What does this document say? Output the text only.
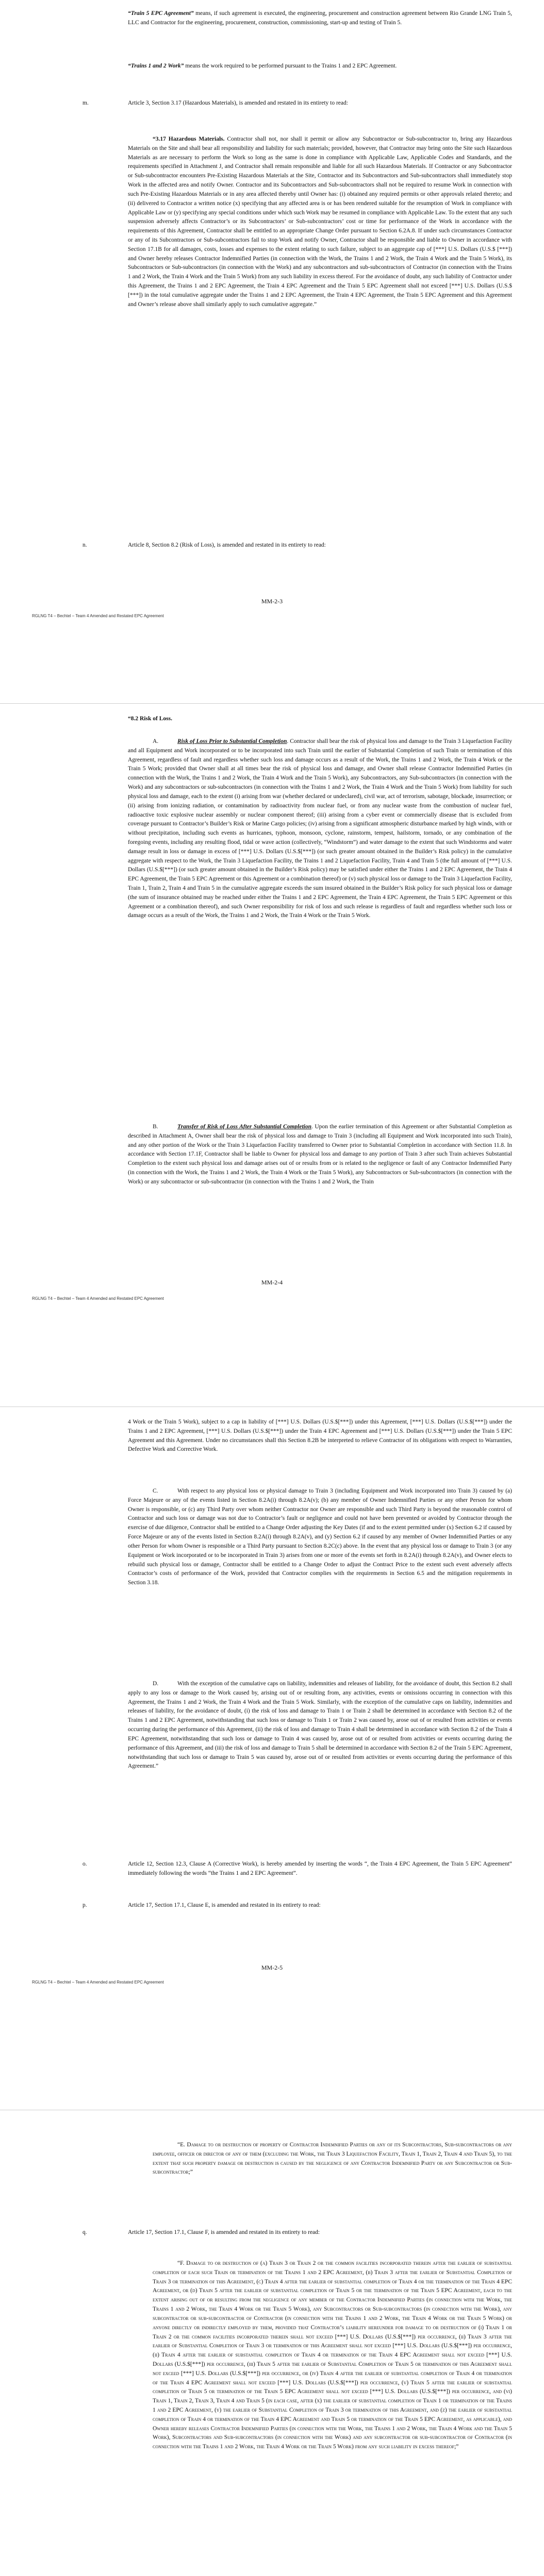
“Train 5 EPC Agreement” means, if such agreement is executed, the engineering, procurement and construction agreement between Rio Grande LNG Train 5, LLC and Contractor for the engineering, procurement, construction, commissioning, start-up and testing of Train 5.

“Trains 1 and 2 Work” means the work required to be performed pursuant to the Trains 1 and 2 EPC Agreement.

m.	Article 3, Section 3.17 (Hazardous Materials), is amended and restated in its entirety to read:

“3.17 Hazardous Materials. Contractor shall not, nor shall it permit or allow any Subcontractor or Sub-subcontractor to, bring any Hazardous Materials on the Site and shall bear all responsibility and liability for such materials; provided, however, that Contractor may bring onto the Site such Hazardous Materials as are necessary to perform the Work so long as the same is done in compliance with Applicable Law, Applicable Codes and Standards, and the requirements specified in Attachment J, and Contractor shall remain responsible and liable for all such Hazardous Materials. If Contractor or any Subcontractor or Sub-subcontractor encounters Pre-Existing Hazardous Materials at the Site, Contractor and its Subcontractors and Sub-subcontractors shall immediately stop Work in the affected area and notify Owner. Contractor and its Subcontractors and Sub-subcontractors shall not be required to resume Work in connection with such Pre-Existing Hazardous Materials or in any area affected thereby until Owner has: (i) obtained any required permits or other approvals related thereto; and (ii) delivered to Contractor a written notice (x) specifying that any affected area is or has been rendered suitable for the resumption of Work in compliance with Applicable Law or (y) specifying any special conditions under which such Work may be resumed in compliance with Applicable Law. To the extent that any such suspension adversely affects Contractor’s or its Subcontractors’ or Sub-subcontractors’ cost or time for performance of the Work in accordance with the requirements of this Agreement, Contractor shall be entitled to an appropriate Change Order pursuant to Section 6.2A.8. If under such circumstances Contractor or any of its Subcontractors or Sub-subcontractors fail to stop Work and notify Owner, Contractor shall be responsible and liable to Owner in accordance with Section 17.1B for all damages, costs, losses and expenses to the extent relating to such failure, subject to an aggregate cap of [***] U.S. Dollars (U.S.$ [***]) and Owner hereby releases Contractor Indemnified Parties (in connection with the Work, the Trains 1 and 2 Work, the Train 4 Work and the Train 5 Work), its Subcontractors or Sub-subcontractors (in connection with the Work) and any subcontractors and sub-subcontractors of Contractor (in connection with the Trains 1 and 2 Work, the Train 4 Work and the Train 5 Work) from any such liability in excess thereof. For the avoidance of doubt, any such liability of Contractor under this Agreement, the Trains 1 and 2 EPC Agreement, the Train 4 EPC Agreement and the Train 5 EPC Agreement shall not exceed [***] U.S. Dollars (U.S.$ [***]) in the total cumulative aggregate under the Trains 1 and 2 EPC Agreement, the Train 4 EPC Agreement, the Train 5 EPC Agreement and this Agreement and Owner’s release above shall similarly apply to such cumulative aggregate.”

n.	Article 8, Section 8.2 (Risk of Loss), is amended and restated in its entirety to read:

MM-2-3
RGLNG T4 – Bechtel – Team 4 Amended and Restated EPC Agreement

“8.2 Risk of Loss.

A.	Risk of Loss Prior to Substantial Completion. Contractor shall bear the risk of physical loss and damage to the Train 3 Liquefaction Facility and all Equipment and Work incorporated or to be incorporated into such Train until the earlier of Substantial Completion of such Train or termination of this Agreement, regardless of fault and regardless whether such loss and damage occurs as a result of the Work, the Trains 1 and 2 Work, the Train 4 Work or the Train 5 Work; provided that Owner shall at all times bear the risk of physical loss and damage, and Owner shall release Contractor Indemnified Parties (in connection with the Work, the Trains 1 and 2 Work, the Train 4 Work and the Train 5 Work), any Subcontractors, any Sub-subcontractors (in connection with the Work) and any subcontractors or sub-subcontractors (in connection with the Trains 1 and 2 Work, the Train 4 Work and the Train 5 Work) from liability for such physical loss and damage, each to the extent (i) arising from war (whether declared or undeclared), civil war, act of terrorism, sabotage, blockade, insurrection; or (ii) arising from ionizing radiation, or contamination by radioactivity from nuclear fuel, or from any nuclear waste from the combustion of nuclear fuel, radioactive toxic explosive nuclear assembly or nuclear component thereof; (iii) arising from a cyber event or commercially disease that is excluded from coverage pursuant to Contractor’s Builder’s Risk or Marine Cargo policies; (iv) arising from a significant atmospheric disturbance marked by high winds, with or without precipitation, including such events as hurricanes, typhoon, monsoon, cyclone, rainstorm, tempest, hailstorm, tornado, or any combination of the foregoing events, including any resulting flood, tidal or wave action (collectively, “Windstorm”) and water damage to the extent that such Windstorms and water damage result in loss or damage in excess of [***] U.S. Dollars (U.S.$[***]) (or such greater amount obtained in the Builder’s Risk policy) in the cumulative aggregate with respect to the Work, the Train 3 Liquefaction Facility, the Trains 1 and 2 Liquefaction Facility, Train 4 and Train 5 (the full amount of [***] U.S. Dollars (U.S.$[***]) (or such greater amount obtained in the Builder’s Risk policy) may be satisfied under either the Trains 1 and 2 EPC Agreement, the Train 4 EPC Agreement, the Train 5 EPC Agreement or this Agreement or a combination thereof) or (v) such physical loss or damage to the Train 3 Liquefaction Facility, Train 1, Train 2, Train 4 and Train 5 in the cumulative aggregate exceeds the sum insured obtained in the Builder’s Risk policy for such physical loss or damage (the sum of insurance obtained may be reached under either the Trains 1 and 2 EPC Agreement, the Train 4 EPC Agreement, the Train 5 EPC Agreement or this Agreement or a combination thereof), and such Owner responsibility for risk of loss and such release is regardless of fault and regardless whether such loss or damage occurs as a result of the Work, the Trains 1 and 2 Work, the Train 4 Work or the Train 5 Work.

B.	Transfer of Risk of Loss After Substantial Completion. Upon the earlier termination of this Agreement or after Substantial Completion as described in Attachment A, Owner shall bear the risk of physical loss and damage to Train 3 (including all Equipment and Work incorporated into such Train), and any other portion of the Work or the Train 3 Liquefaction Facility transferred to Owner prior to Substantial Completion in accordance with Section 11.8. In accordance with Section 17.1F, Contractor shall be liable to Owner for physical loss and damage to any portion of Train 3 after such Train achieves Substantial Completion to the extent such physical loss and damage arises out of or results from or is related to the negligence or fault of any Contractor Indemnified Party (in connection with the Work, the Trains 1 and 2 Work, the Train 4 Work or the Train 5 Work), any Subcontractors or Sub-subcontractors (in connection with the Work) or any subcontractor or sub-subcontractor (in connection with the Trains 1 and 2 Work, the Train

MM-2-4
RGLNG T4 – Bechtel – Team 4 Amended and Restated EPC Agreement

4 Work or the Train 5 Work), subject to a cap in liability of [***] U.S. Dollars (U.S.$[***]) under this Agreement, [***] U.S. Dollars (U.S.$[***]) under the Trains 1 and 2 EPC Agreement, [***] U.S. Dollars (U.S.$[***]) under the Train 4 EPC Agreement and [***] U.S. Dollars (U.S.$[***]) under the Train 5 EPC Agreement and this Agreement. Under no circumstances shall this Section 8.2B be interpreted to relieve Contractor of its obligations with respect to Warranties, Defective Work and Corrective Work.

C.	With respect to any physical loss or physical damage to Train 3 (including Equipment and Work incorporated into Train 3) caused by (a) Force Majeure or any of the events listed in Section 8.2A(i) through 8.2A(v); (b) any member of Owner Indemnified Parties or any other Person for whom Owner is responsible, or (c) any Third Party over whom neither Contractor nor Owner are responsible and such Third Party is beyond the reasonable control of Contractor and such loss or damage was not due to Contractor’s fault or negligence and could not have been prevented or avoided by Contractor through the exercise of due diligence, Contractor shall be entitled to a Change Order adjusting the Key Dates (if and to the extent permitted under (x) Section 6.2 if caused by Force Majeure or any of the events listed in Section 8.2A(i) through 8.2A(v), and (y) Section 6.2 if caused by any member of Owner Indemnified Parties or any other Person for whom Owner is responsible or a Third Party pursuant to Section 8.2C(c) above. In the event that any physical loss or damage to Train 3 (or any Equipment or Work incorporated or to be incorporated in Train 3) arises from one or more of the events set forth in 8.2A(i) through 8.2A(v), and Owner elects to rebuild such physical loss or damage, Contractor shall be entitled to a Change Order to adjust the Contract Price to the extent such event adversely affects Contractor’s costs of performance of the Work, provided that Contractor complies with the requirements in Section 6.5 and the mitigation requirements in Section 3.18.

D.	With the exception of the cumulative caps on liability, indemnities and releases of liability, for the avoidance of doubt, this Section 8.2 shall apply to any loss or damage to the Work caused by, arising out of or resulting from, any activities, events or omissions occurring in connection with this Agreement, the Trains 1 and 2 Work, the Train 4 Work and the Train 5 Work. Similarly, with the exception of the cumulative caps on liability, indemnities and releases of liability, for the avoidance of doubt, (i) the risk of loss and damage to Train 1 or Train 2 shall be determined in accordance with Section 8.2 of the Trains 1 and 2 EPC Agreement, notwithstanding that such loss or damage to Train 1 or Train 2 was caused by, arose out of or resulted from activities or events occurring during the performance of this Agreement, (ii) the risk of loss and damage to Train 4 shall be determined in accordance with Section 8.2 of the Train 4 EPC Agreement, notwithstanding that such loss or damage to Train 4 was caused by, arose out of or resulted from activities or events occurring during the performance of this Agreement, and (iii) the risk of loss and damage to Train 5 shall be determined in accordance with Section 8.2 of the Train 5 EPC Agreement, notwithstanding that such loss or damage to Train 5 was caused by, arose out of or resulted from activities or events occurring during the performance of this Agreement.”

o.	Article 12, Section 12.3, Clause A (Corrective Work), is hereby amended by inserting the words “, the Train 4 EPC Agreement, the Train 5 EPC Agreement” immediately following the words “the Trains 1 and 2 EPC Agreement”.

p.	Article 17, Section 17.1, Clause E, is amended and restated in its entirety to read:

MM-2-5
RGLNG T4 – Bechtel – Team 4 Amended and Restated EPC Agreement

“E. Damage to or destruction of property of Contractor Indemnified Parties or any of its Subcontractors, Sub-subcontractors or any employee, officer or director of any of them (excluding the Work, the Train 3 Liquefaction Facility, Train 1, Train 2, Train 4 and Train 5), to the extent that such property damage or destruction is caused by the negligence of any Contractor Indemnified Party or any Subcontractor or Sub-subcontractor;”

q.	Article 17, Section 17.1, Clause F, is amended and restated in its entirety to read:

“F. Damage to or destruction of (a) Train 3 or Train 2 or the common facilities incorporated therein after the earlier of substantial completion of each such Train or termination of the Trains 1 and 2 EPC Agreement, (b) Train 3 after the earlier of Substantial Completion of Train 3 or termination of this Agreement, (c) Train 4 after the earlier of substantial completion of Train 4 or the termination of the Train 4 EPC Agreement, or (d) Train 5 after the earlier of substantial completion of Train 5 or the termination of the Train 5 EPC Agreement, each to the extent arising out of or resulting from the negligence of any member of the Contractor Indemnified Parties (in connection with the Work, the Trains 1 and 2 Work, the Train 4 Work or the Train 5 Work), any Subcontractors or Sub-subcontractors (in connection with the Work), any subcontractor or sub-subcontractor of Contractor (in connection with the Trains 1 and 2 Work, the Train 4 Work or the Train 5 Work) or anyone directly or indirectly employed by them, provided that Contractor’s liability hereunder for damage to or destruction of (i) Train 1 or Train 2 or the common facilities incorporated therein shall not exceed [***] U.S. Dollars (U.S.$[***]) per occurrence, (ii) Train 3 after the earlier of Substantial Completion of Train 3 or termination of this Agreement shall not exceed [***] U.S. Dollars (U.S.$[***]) per occurrence, (ii) Train 4 after the earlier of substantial completion of Train 4 or termination of the Train 4 EPC Agreement shall not exceed [***] U.S. Dollars (U.S.$[***]) per occurrence, (iii) Train 5 after the earlier of Substantial Completion of Train 5 or termination of this Agreement shall not exceed [***] U.S. Dollars (U.S.$[***]) per occurrence, or (iv) Train 4 after the earlier of substantial completion of Train 4 or termination of the Train 4 EPC Agreement shall not exceed [***] U.S. Dollars (U.S.$[***]) per occurrence, (v) Train 5 after the earlier of substantial completion of Train 5 or termination of the Train 5 EPC Agreement shall not exceed [***] U.S. Dollars (U.S.$[***]) per occurrence, and (vi) Train 1, Train 2, Train 3, Train 4 and Train 5 (in each case, after (x) the earlier of substantial completion of Train 1 or termination of the Trains 1 and 2 EPC Agreement, (y) the earlier of Substantial Completion of Train 3 or termination of this Agreement, and (z) the earlier of substantial completion of Train 4 or termination of the Train 4 EPC Agreement and Train 5 or termination of the Train 5 EPC Agreement, as applicable), and Owner hereby releases Contractor Indemnified Parties (in connection with the Work, the Trains 1 and 2 Work, the Train 4 Work and the Train 5 Work), Subcontractors and Sub-subcontractors (in connection with the Work) and any subcontractor or sub-subcontractor of Contractor (in connection with the Trains 1 and 2 Work, the Train 4 Work or the Train 5 Work) from any such liability in excess thereof;”
